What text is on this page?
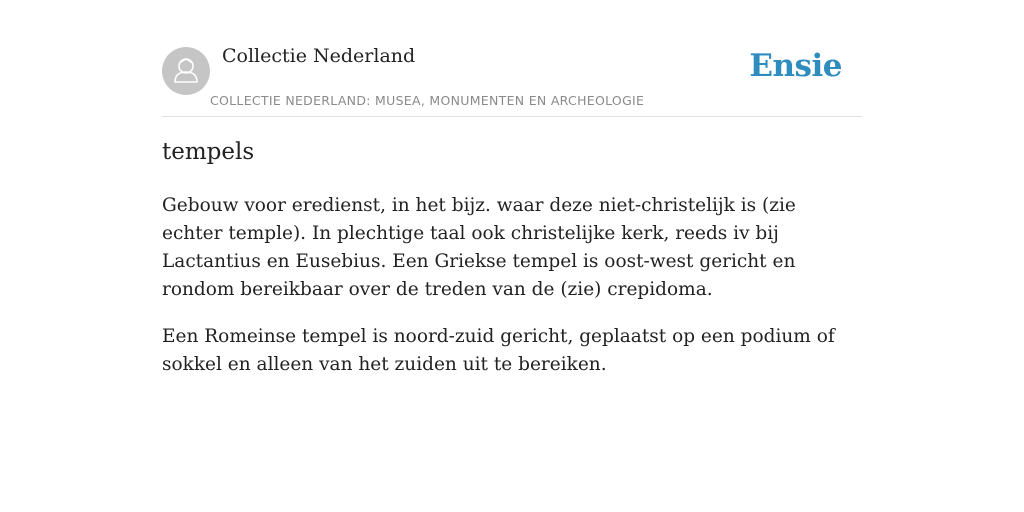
Collectie Nederland
COLLECTIE NEDERLAND: MUSEA, MONUMENTEN EN ARCHEOLOGIE
Ensie
tempels

Gebouw voor eredienst, in het bijz. waar deze niet-christelijk is (zie echter temple). In plechtige taal ook christelijke kerk, reeds iv bij Lactantius en Eusebius. Een Griekse tempel is oost-west gericht en rondom bereikbaar over de treden van de (zie) crepidoma.

Een Romeinse tempel is noord-zuid gericht, geplaatst op een podium of sokkel en alleen van het zuiden uit te bereiken.
